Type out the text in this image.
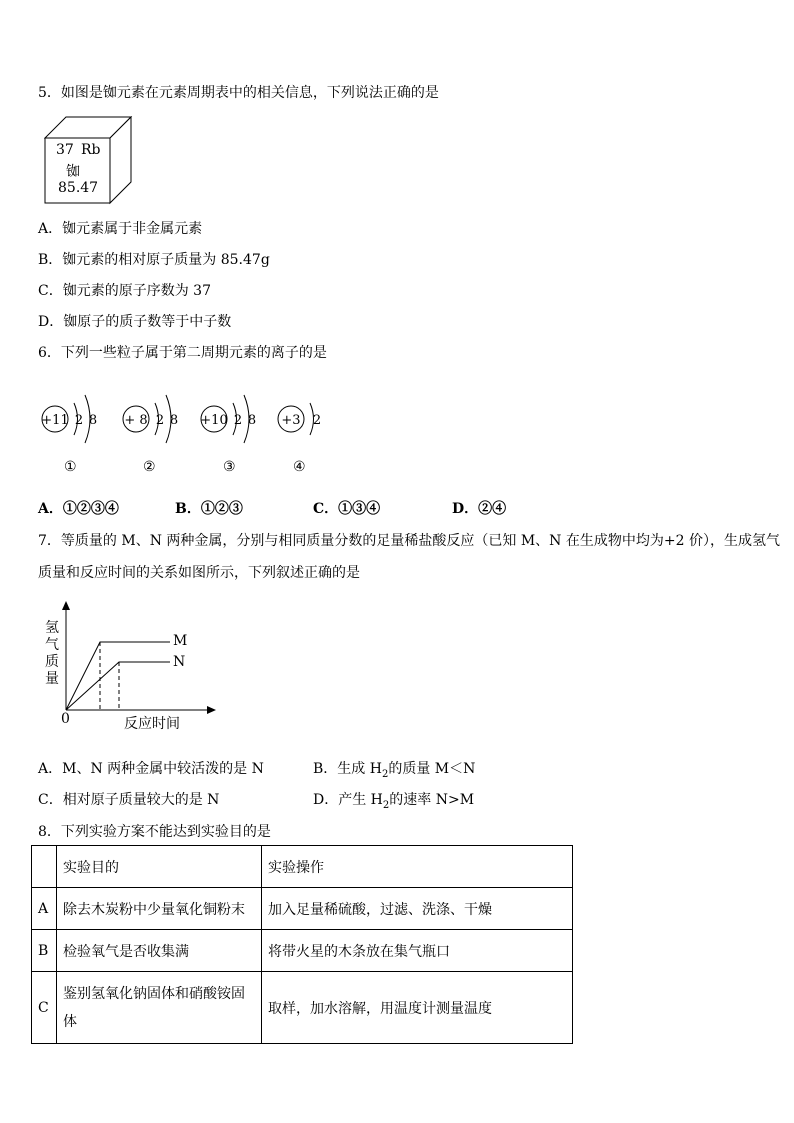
5．如图是铷元素在元素周期表中的相关信息，下列说法正确的是
37 Rb
铷
85.47
A．铷元素属于非金属元素
B．铷元素的相对原子质量为 85.47g
C．铷元素的原子序数为 37
D．铷原子的质子数等于中子数
6．下列一些粒子属于第二周期元素的离子的是
+11 2 8 + 8 2 8 +10 2 8 +3 2
①	②	③	④
A．①②③④	B．①②③	C．①③④	D．②④
7．等质量的 M、N 两种金属，分别与相同质量分数的足量稀盐酸反应（已知 M、N 在生成物中均为+2 价），生成氢气
质量和反应时间的关系如图所示，下列叙述正确的是
氢
气
质
量
M
N
0	反应时间
A．M、N 两种金属中较活泼的是 N	B．生成 $H_2$的质量 M＜N
C．相对原子质量较大的是 N	D．产生 $H_2$的速率 N>M
8．下列实验方案不能达到实验目的是
	实验目的	实验操作
A	除去木炭粉中少量氧化铜粉末	加入足量稀硫酸，过滤、洗涤、干燥
B	检验氧气是否收集满	将带火星的木条放在集气瓶口
C	鉴别氢氧化钠固体和硝酸铵固体	取样，加水溶解，用温度计测量温度
